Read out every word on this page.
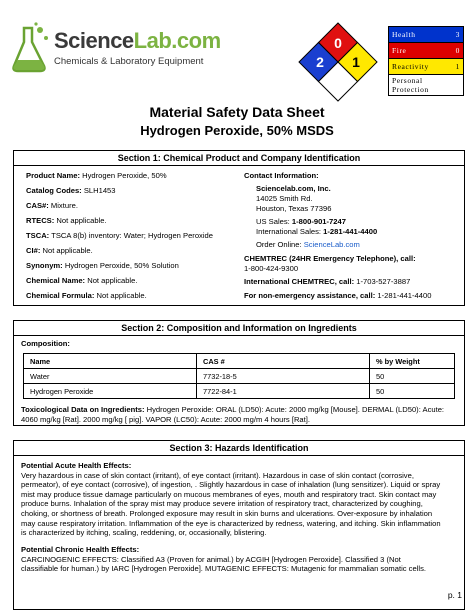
ScienceLab.com
Chemicals & Laboratory Equipment
0
2 1
Health	3
Fire	0
Reactivity	1
Personal
Protection
Material Safety Data Sheet
Hydrogen Peroxide, 50% MSDS
Section 1: Chemical Product and Company Identification
Product Name: Hydrogen Peroxide, 50%
Catalog Codes: SLH1453
CAS#: Mixture.
RTECS: Not applicable.
TSCA: TSCA 8(b) inventory: Water; Hydrogen Peroxide
CI#: Not applicable.
Synonym: Hydrogen Peroxide, 50% Solution
Chemical Name: Not applicable.
Chemical Formula: Not applicable.
Contact Information:
Sciencelab.com, Inc.
14025 Smith Rd.
Houston, Texas 77396
US Sales: 1-800-901-7247
International Sales: 1-281-441-4400
Order Online: ScienceLab.com
CHEMTREC (24HR Emergency Telephone), call:
1-800-424-9300
International CHEMTREC, call: 1-703-527-3887
For non-emergency assistance, call: 1-281-441-4400
Section 2: Composition and Information on Ingredients
Composition:
Name	CAS #	% by Weight
Water	7732-18-5	50
Hydrogen Peroxide	7722-84-1	50
Toxicological Data on Ingredients: Hydrogen Peroxide: ORAL (LD50): Acute: 2000 mg/kg [Mouse]. DERMAL (LD50): Acute:
4060 mg/kg [Rat]. 2000 mg/kg [ pig]. VAPOR (LC50): Acute: 2000 mg/m 4 hours [Rat].
Section 3: Hazards Identification
Potential Acute Health Effects:
Very hazardous in case of skin contact (irritant), of eye contact (irritant). Hazardous in case of skin contact (corrosive,
permeator), of eye contact (corrosive), of ingestion, . Slightly hazardous in case of inhalation (lung sensitizer). Liquid or spray
mist may produce tissue damage particularly on mucous membranes of eyes, mouth and respiratory tract. Skin contact may
produce burns. Inhalation of the spray mist may produce severe irritation of respiratory tract, characterized by coughing,
choking, or shortness of breath. Prolonged exposure may result in skin burns and ulcerations. Over-exposure by inhalation
may cause respiratory irritation. Inflammation of the eye is characterized by redness, watering, and itching. Skin inflammation
is characterized by itching, scaling, reddening, or, occasionally, blistering.
Potential Chronic Health Effects:
CARCINOGENIC EFFECTS: Classified A3 (Proven for animal.) by ACGIH [Hydrogen Peroxide]. Classified 3 (Not
classifiable for human.) by IARC [Hydrogen Peroxide]. MUTAGENIC EFFECTS: Mutagenic for mammalian somatic cells.
p. 1
